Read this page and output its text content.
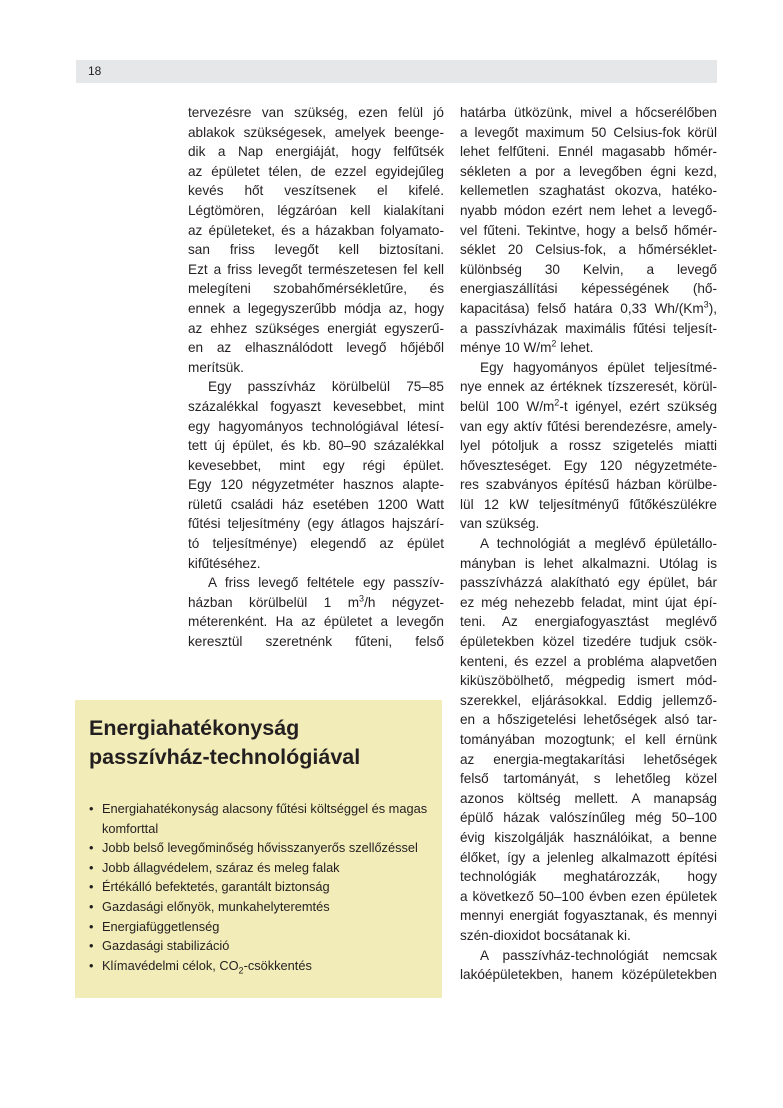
18

tervezésre van szükség, ezen felül jó

ablakok szükségesek, amelyek beenge-

dik a Nap energiáját, hogy felfűtsék

az épületet télen, de ezzel egyidejűleg

kevés hőt veszítsenek el kifelé.

Légtömören, légzáróan kell kialakítani

az épületeket, és a házakban folyamato-

san friss levegőt kell biztosítani.

Ezt a friss levegőt természetesen fel kell

melegíteni szobahőmérsékletűre, és

ennek a legegyszerűbb módja az, hogy

az ehhez szükséges energiát egyszerű-

en az elhasználódott levegő hőjéből

merítsük.

Egy passzívház körülbelül 75–85

százalékkal fogyaszt kevesebbet, mint

egy hagyományos technológiával létesí-

tett új épület, és kb. 80–90 százalékkal

kevesebbet, mint egy régi épület.

Egy 120 négyzetméter hasznos alapte-

rületű családi ház esetében 1200 Watt

fűtési teljesítmény (egy átlagos hajszárí-

tó teljesítménye) elegendő az épület

kifűtéséhez.

A friss levegő feltétele egy passzív-

házban körülbelül 1 $m^3/h$ négyzet-

méterenként. Ha az épületet a levegőn

keresztül szeretnénk fűteni, felső

határba ütközünk, mivel a hőcserélőben

a levegőt maximum 50 Celsius-fok körül

lehet felfűteni. Ennél magasabb hőmér-

sékleten a por a levegőben égni kezd,

kellemetlen szaghatást okozva, hatéko-

nyabb módon ezért nem lehet a levegő-

vel fűteni. Tekintve, hogy a belső hőmér-

séklet 20 Celsius-fok, a hőmérséklet-

különbség 30 Kelvin, a levegő

energiaszállítási képességének (hő-

kapacitása) felső határa 0,33 Wh/(Km$^3$),

a passzívházak maximális fűtési teljesít-

ménye 10 $W/m^2$ lehet.

Egy hagyományos épület teljesítmé-

nye ennek az értéknek tízszeresét, körül-

belül 100 $W/m^2-t$ igényel, ezért szükség

van egy aktív fűtési berendezésre, amely-

lyel pótoljuk a rossz szigetelés miatti

hőveszteséget. Egy 120 négyzetméte-

res szabványos építésű házban körülbe-

lül 12 kW teljesítményű fűtőkészülékre

van szükség.

A technológiát a meglévő épületállo-

mányban is lehet alkalmazni. Utólag is

passzívházzá alakítható egy épület, bár

ez még nehezebb feladat, mint újat épí-

teni. Az energiafogyasztást meglévő

épületekben közel tizedére tudjuk csök-

kenteni, és ezzel a probléma alapvetően

kiküszöbölhető, mégpedig ismert mód-

szerekkel, eljárásokkal. Eddig jellemző-

en a hőszigetelési lehetőségek alsó tar-

tományában mozogtunk; el kell érnünk

az energia-megtakarítási lehetőségek

felső tartományát, s lehetőleg közel

azonos költség mellett. A manapság

épülő házak valószínűleg még 50–100

évig kiszolgálják használóikat, a benne

élőket, így a jelenleg alkalmazott építési

technológiák meghatározzák, hogy

a következő 50–100 évben ezen épületek

mennyi energiát fogyasztanak, és mennyi

szén-dioxidot bocsátanak ki.

A passzívház-technológiát nemcsak

lakóépületekben, hanem középületekben

Energiahatékonyság
passzívház-technológiával
• Energiahatékonyság alacsony fűtési költséggel és magas
komforttal
• Jobb belső levegőminőség hővisszanyerős szellőzéssel
• Jobb állagvédelem, száraz és meleg falak
• Értékálló befektetés, garantált biztonság
• Gazdasági előnyök, munkahelyteremtés
• Energiafüggetlenség
• Gazdasági stabilizáció
• Klímavédelmi célok, $CO_2$-csökkentés
